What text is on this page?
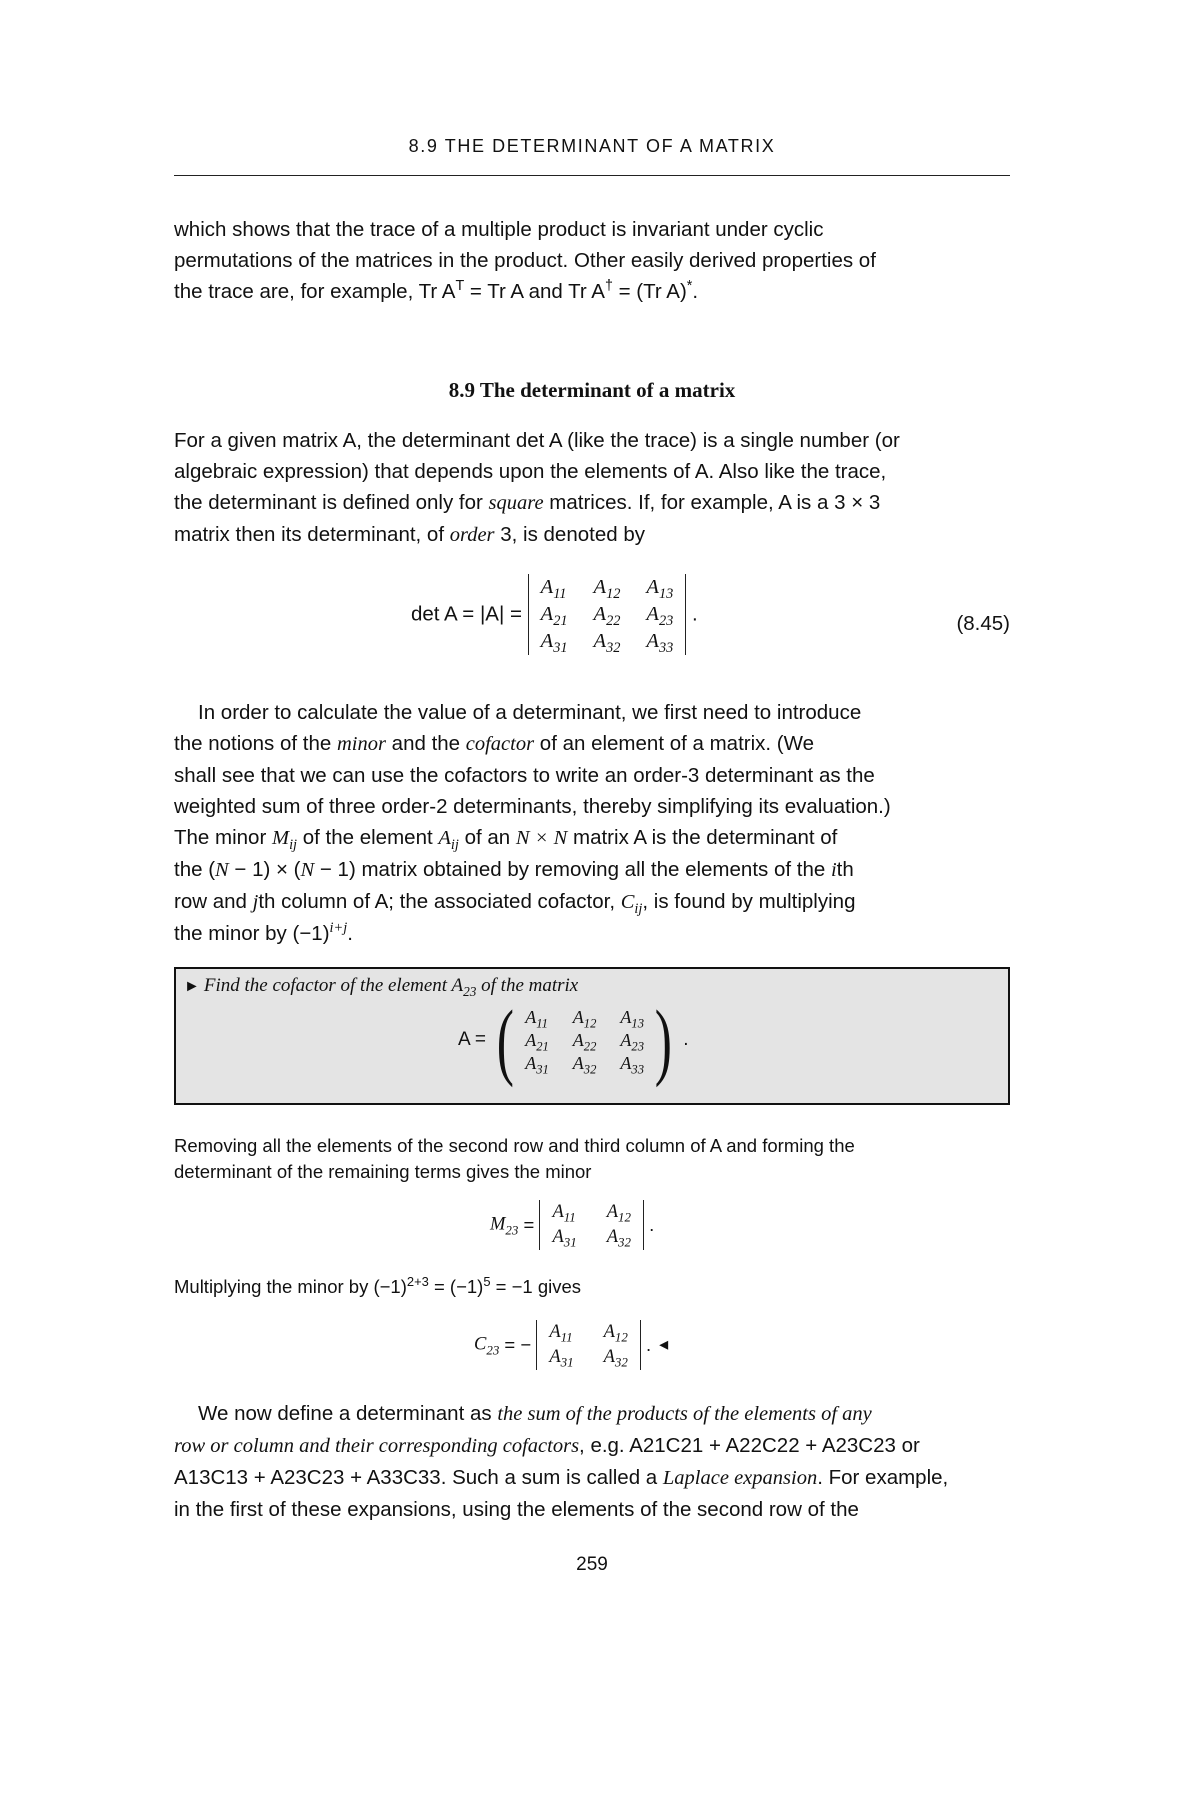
8.9 THE DETERMINANT OF A MATRIX
which shows that the trace of a multiple product is invariant under cyclic
permutations of the matrices in the product. Other easily derived properties of
the trace are, for example, Tr $A^T = Tr$ A and Tr A† = (Tr A)*.
8.9 The determinant of a matrix
For a given matrix A, the determinant det A (like the trace) is a single number (or
algebraic expression) that depends upon the elements of A. Also like the trace,
the determinant is defined only for square matrices. If, for example, A is a 3 × 3
matrix then its determinant, of order 3, is denoted by
det A = |A| =
$A_{11}$ $A_{12}$ $A_{13}$
$A_{21}$ $A_{22}$ $A_{23}$
$A_{31}$ $A_{32}$ $A_{33}$
.	(8.45)
In order to calculate the value of a determinant, we first need to introduce
the notions of the minor and the cofactor of an element of a matrix. (We
shall see that we can use the cofactors to write an order-3 determinant as the
weighted sum of three order-2 determinants, thereby simplifying its evaluation.)
The minor $M_{ij}$ of the element $A_{ij}$ of an N × N matrix A is the determinant of
the (N − 1) × (N − 1) matrix obtained by removing all the elements of the ith
row and jth column of A; the associated cofactor, $C_{ij}$, is found by multiplying
the minor by $(-1)^{i+j}$.
► Find the cofactor of the element $A_{23}$ of the matrix
A = ( $A_{11}$ $A_{12}$ $A_{13}$
$A_{21}$ $A_{22}$ $A_{23}$
$A_{31}$ $A_{32}$ $A_{33}$ ) .
Removing all the elements of the second row and third column of A and forming the
determinant of the remaining terms gives the minor
$M_{23}$ =
$A_{11}$ $A_{12}$
$A_{31}$ $A_{32}$
.
Multiplying the minor by $(-1)^{2+3} = (-1)^5 = -1$ gives
$C_{23}$ = −
$A_{11}$ $A_{12}$
$A_{31}$ $A_{32}$
. ◄
We now define a determinant as the sum of the products of the elements of any
row or column and their corresponding cofactors, e.g. A21C21 + A22C22 + A23C23 or
A13C13 + A23C23 + A33C33. Such a sum is called a Laplace expansion. For example,
in the first of these expansions, using the elements of the second row of the
259
